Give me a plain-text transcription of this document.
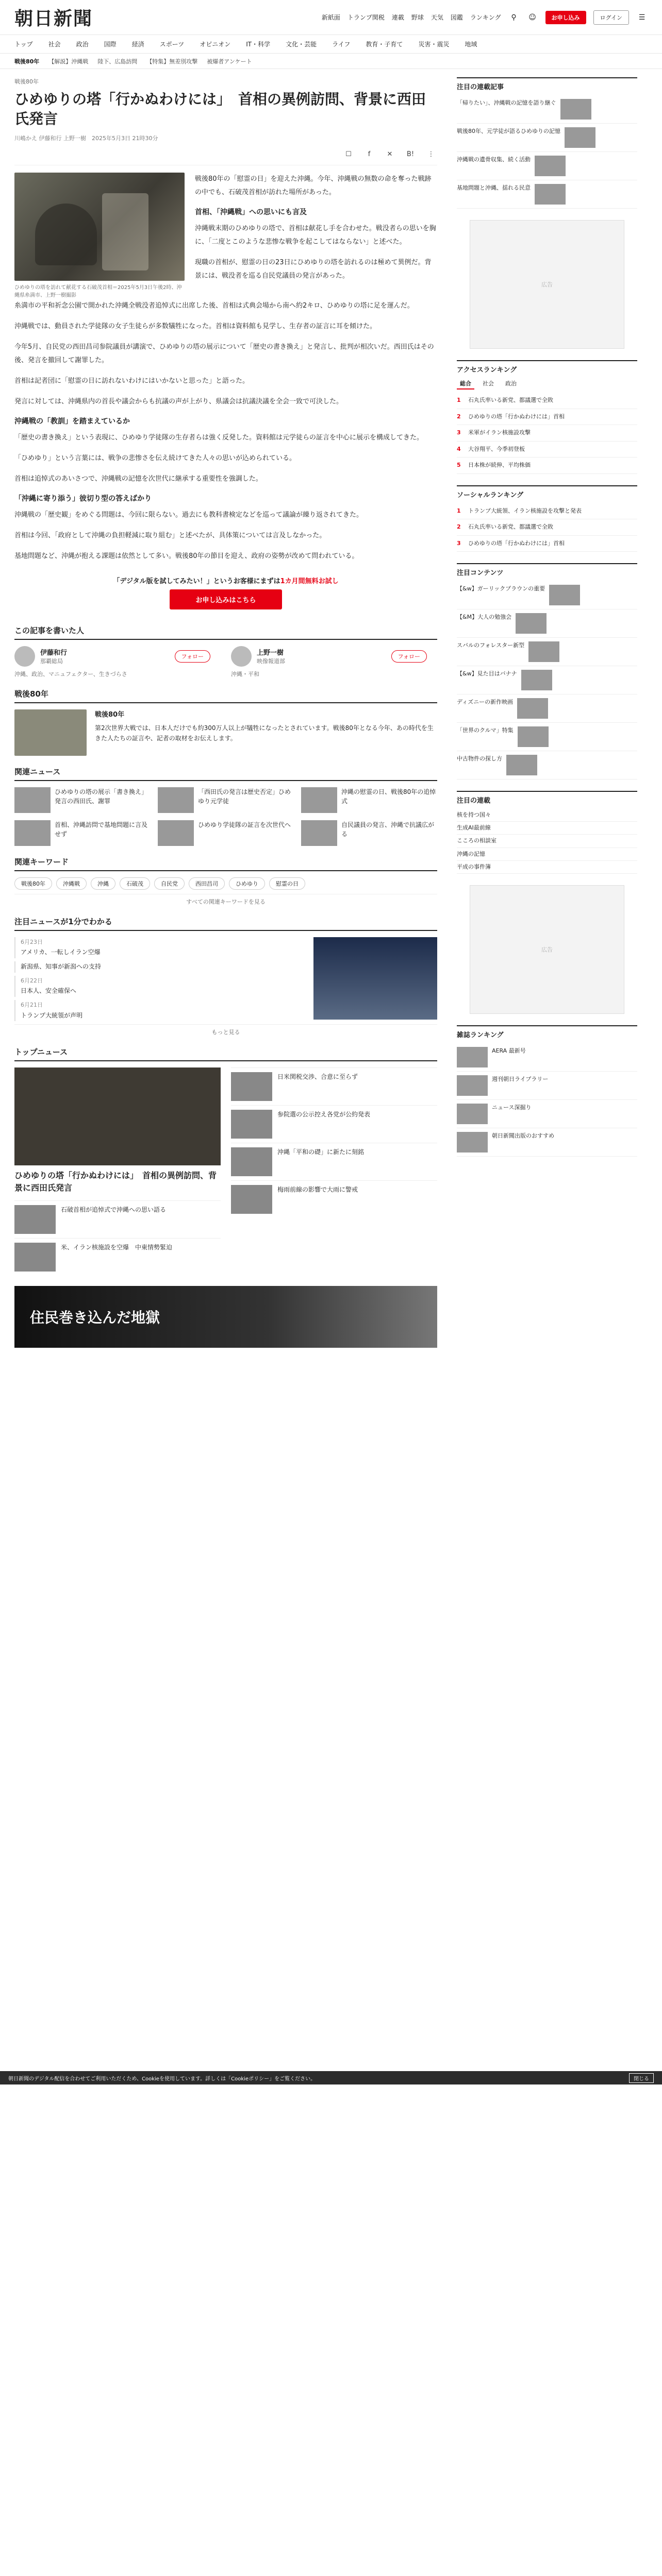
朝日新聞	新紙面 トランプ関税 連載 野球 天気 図鑑 ランキング	⚲	☺	お申し込み	ログイン	☰
トップ	社会	政治	国際	経済	スポーツ	オピニオン	IT・科学	文化・芸能	ライフ	教育・子育て	災害・震災	地域
戦後80年 【解説】沖縄戦 陸下、広島訪問 【特集】無差別攻撃 被爆者アンケート
戦後80年
ひめゆりの塔「行かぬわけには」　首相の異例訪問、背景に西田氏発言
川嶋かえ 伊藤和行 上野一樹　2025年5月3日 21時30分
☐	f	✕	B!	⋮
ひめゆりの塔を訪れて献花する石破茂首相＝2025年5月3日午後2時、沖縄県糸満市、上野一樹撮影

戦後80年の「慰霊の日」を迎えた沖縄。今年、沖縄戦の無数の命を奪った戦跡の中でも、石破茂首相が訪れた場所があった。

首相、「沖縄戦」への思いにも言及

沖縄戦末期のひめゆりの塔で、首相は献花し手を合わせた。戦没者らの思いを胸に、「二度とこのような悲惨な戦争を起こしてはならない」と述べた。

現職の首相が、慰霊の日の23日にひめゆりの塔を訪れるのは極めて異例だ。背景には、戦没者を巡る自民党議員の発言があった。

糸満市の平和祈念公園で開かれた沖縄全戦没者追悼式に出席した後、首相は式典会場から南へ約2キロ、ひめゆりの塔に足を運んだ。

沖縄戦では、動員された学徒隊の女子生徒らが多数犠牲になった。首相は資料館も見学し、生存者の証言に耳を傾けた。

今年5月、自民党の西田昌司参院議員が講演で、ひめゆりの塔の展示について「歴史の書き換え」と発言し、批判が相次いだ。西田氏はその後、発言を撤回して謝罪した。

首相は記者団に「慰霊の日に訪れないわけにはいかないと思った」と語った。

発言に対しては、沖縄県内の首長や議会からも抗議の声が上がり、県議会は抗議決議を全会一致で可決した。

沖縄戦の「教訓」を踏まえているか

「歴史の書き換え」という表現に、ひめゆり学徒隊の生存者らは強く反発した。資料館は元学徒らの証言を中心に展示を構成してきた。

「ひめゆり」という言葉には、戦争の悲惨さを伝え続けてきた人々の思いが込められている。

首相は追悼式のあいさつで、沖縄戦の記憶を次世代に継承する重要性を強調した。

「沖縄に寄り添う」彼切り型の答えばかり

沖縄戦の「歴史観」をめぐる問題は、今回に限らない。過去にも教科書検定などを巡って議論が繰り返されてきた。

首相は今回、「政府として沖縄の負担軽減に取り組む」と述べたが、具体策については言及しなかった。

基地問題など、沖縄が抱える課題は依然として多い。戦後80年の節目を迎え、政府の姿勢が改めて問われている。

「デジタル版を試してみたい！」というお客様にまずは1カ月間無料お試し
お申し込みはこちら
この記事を書いた人
伊藤和行
那覇総局
フォロー
沖縄、政治、マニュフェクター、生きづらさ
上野一樹
映像報道部
フォロー
沖縄・平和
戦後80年
戦後80年
第2次世界大戦では、日本人だけでも約300万人以上が犠牲になったとされています。戦後80年となる今年、あの時代を生きた人たちの証言や、記者の取材をお伝えします。
関連ニュース
ひめゆりの塔の展示「書き換え」発言の西田氏、謝罪
「西田氏の発言は歴史否定」ひめゆり元学徒
沖縄の慰霊の日、戦後80年の追悼式
首相、沖縄訪問で基地問題に言及せず
ひめゆり学徒隊の証言を次世代へ	自民議員の発言、沖縄で抗議広がる
関連キーワード
戦後80年	沖縄戦	沖縄	石破茂	自民党	西田昌司	ひめゆり	慰霊の日
すべての関連キーワードを見る
注目ニュースが1分でわかる
6月23日
アメリカ、一転しイラン空爆
新潟県、知事が新潟への支持
6月22日
日本人、安全確保へ
6月21日
トランプ大統領が声明
もっと見る
トップニュース
ひめゆりの塔「行かぬわけには」　首相の異例訪問、背景に西田氏発言
石破首相が追悼式で沖縄への思い語る
米、イラン核施設を空爆　中東情勢緊迫
日米関税交渉、合意に至らず
参院選の公示控え各党が公約発表
沖縄「平和の礎」に新たに刻銘
梅雨前線の影響で大雨に警戒
住民巻き込んだ地獄
注目の連載記事
「帰りたい」、沖縄戦の記憶を語り継ぐ
戦後80年、元学徒が語るひめゆりの記憶
沖縄戦の遺骨収集、続く活動
基地問題と沖縄、揺れる民意
広告
アクセスランキング
総合	社会	政治
1	石丸氏率いる新党、都議選で全敗
2	ひめゆりの塔「行かぬわけには」首相
3	米軍がイラン核施設攻撃
4	大谷翔平、今季初登板
5	日本株が続伸、平均株価
ソーシャルランキング
1	トランプ大統領、イラン核施設を攻撃と発表
2	石丸氏率いる新党、都議選で全敗
3	ひめゆりの塔「行かぬわけには」首相
注目コンテンツ
【&w】ガーリックプラウンの重要
【&M】大人の勉強会
スバルのフォレスター新型
【&w】見た目はバナナ
ディズニーの新作映画
「世界のクルマ」特集
中古物件の探し方
注目の連載
核を持つ国々
生成AI最前線
こころの相談室
沖縄の記憶
平成の事件簿
広告
雑誌ランキング
AERA 最新号
週刊朝日ライブラリー
ニュース深掘り
朝日新聞出版のおすすめ
朝日新聞のデジタル配信を合わせてご利用いただくため、Cookieを使用しています。詳しくは「Cookieポリシー」をご覧ください。	閉じる
